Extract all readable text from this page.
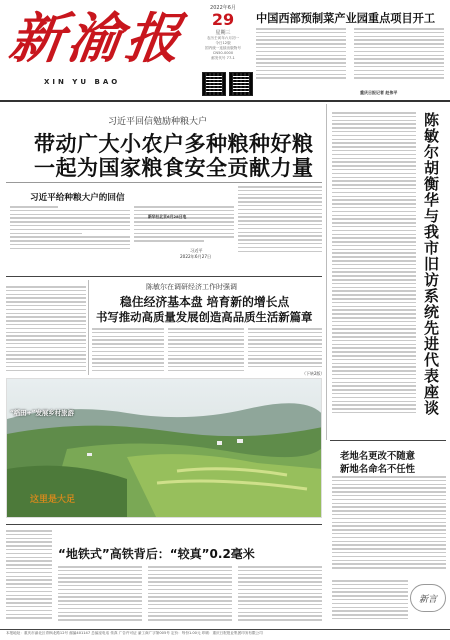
新渝报
XIN YU BAO
2022年6月
29
星期三
农历壬寅年六月初一
今日12版
国内统一连续出版物号
CN50-0000
邮发代号 77-1
中国西部预制菜产业园重点项目开工
重庆日报记者 赵伟平
习近平回信勉励种粮大户
带动广大小农户多种粮种好粮
一起为国家粮食安全贡献力量
习近平给种粮大户的回信
习近平
2022年6月27日
新华社北京6月28日电
陈敏尔在调研经济工作时强调
稳住经济基本盘 培育新的增长点
书写推动高质量发展创造高品质生活新篇章
（下转2版）
“稻田+”发展乡村旅游
这里是大足
“地铁式”高铁背后：“较真”0.2毫米
陈敏尔胡衡华与我市旧访系统先进代表座谈
老地名更改不随意
新地名命名不任性
新言
本报地址：重庆市渝北区青枫北路12号 邮编401147 总编室电话 传真 广告许可证 渝工商广字第005号 定价：每份1.00元 印刷：重庆日报报业集团印务有限公司
